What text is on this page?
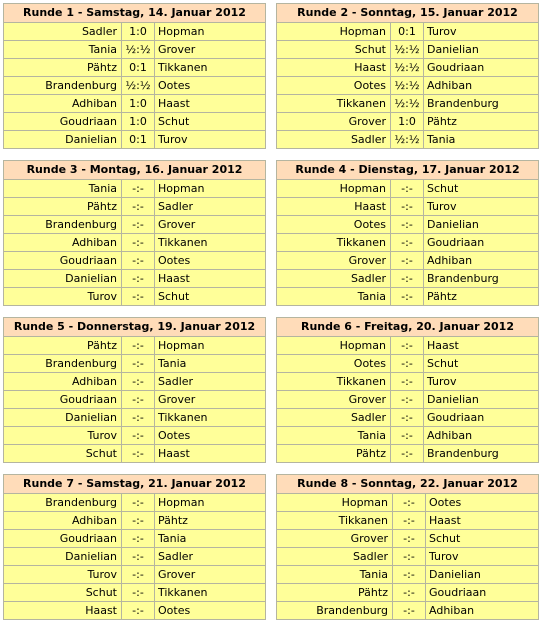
Runde 1 - Samstag, 14. Januar 2012		
Sadler	1:0	Hopman
Tania	½:½	Grover
Pähtz	0:1	Tikkanen
Brandenburg	½:½	Ootes
Adhiban	1:0	Haast
Goudriaan	1:0	Schut
Danielian	0:1	Turov
Runde 2 - Sonntag, 15. Januar 2012		
Hopman	0:1	Turov
Schut	½:½	Danielian
Haast	½:½	Goudriaan
Ootes	½:½	Adhiban
Tikkanen	½:½	Brandenburg
Grover	1:0	Pähtz
Sadler	½:½	Tania
Runde 3 - Montag, 16. Januar 2012		
Tania	-:-	Hopman
Pähtz	-:-	Sadler
Brandenburg	-:-	Grover
Adhiban	-:-	Tikkanen
Goudriaan	-:-	Ootes
Danielian	-:-	Haast
Turov	-:-	Schut
Runde 4 - Dienstag, 17. Januar 2012		
Hopman	-:-	Schut
Haast	-:-	Turov
Ootes	-:-	Danielian
Tikkanen	-:-	Goudriaan
Grover	-:-	Adhiban
Sadler	-:-	Brandenburg
Tania	-:-	Pähtz
Runde 5 - Donnerstag, 19. Januar 2012		
Pähtz	-:-	Hopman
Brandenburg	-:-	Tania
Adhiban	-:-	Sadler
Goudriaan	-:-	Grover
Danielian	-:-	Tikkanen
Turov	-:-	Ootes
Schut	-:-	Haast
Runde 6 - Freitag, 20. Januar 2012		
Hopman	-:-	Haast
Ootes	-:-	Schut
Tikkanen	-:-	Turov
Grover	-:-	Danielian
Sadler	-:-	Goudriaan
Tania	-:-	Adhiban
Pähtz	-:-	Brandenburg
Runde 7 - Samstag, 21. Januar 2012		
Brandenburg	-:-	Hopman
Adhiban	-:-	Pähtz
Goudriaan	-:-	Tania
Danielian	-:-	Sadler
Turov	-:-	Grover
Schut	-:-	Tikkanen
Haast	-:-	Ootes
Runde 8 - Sonntag, 22. Januar 2012		
Hopman	-:-	Ootes
Tikkanen	-:-	Haast
Grover	-:-	Schut
Sadler	-:-	Turov
Tania	-:-	Danielian
Pähtz	-:-	Goudriaan
Brandenburg	-:-	Adhiban
